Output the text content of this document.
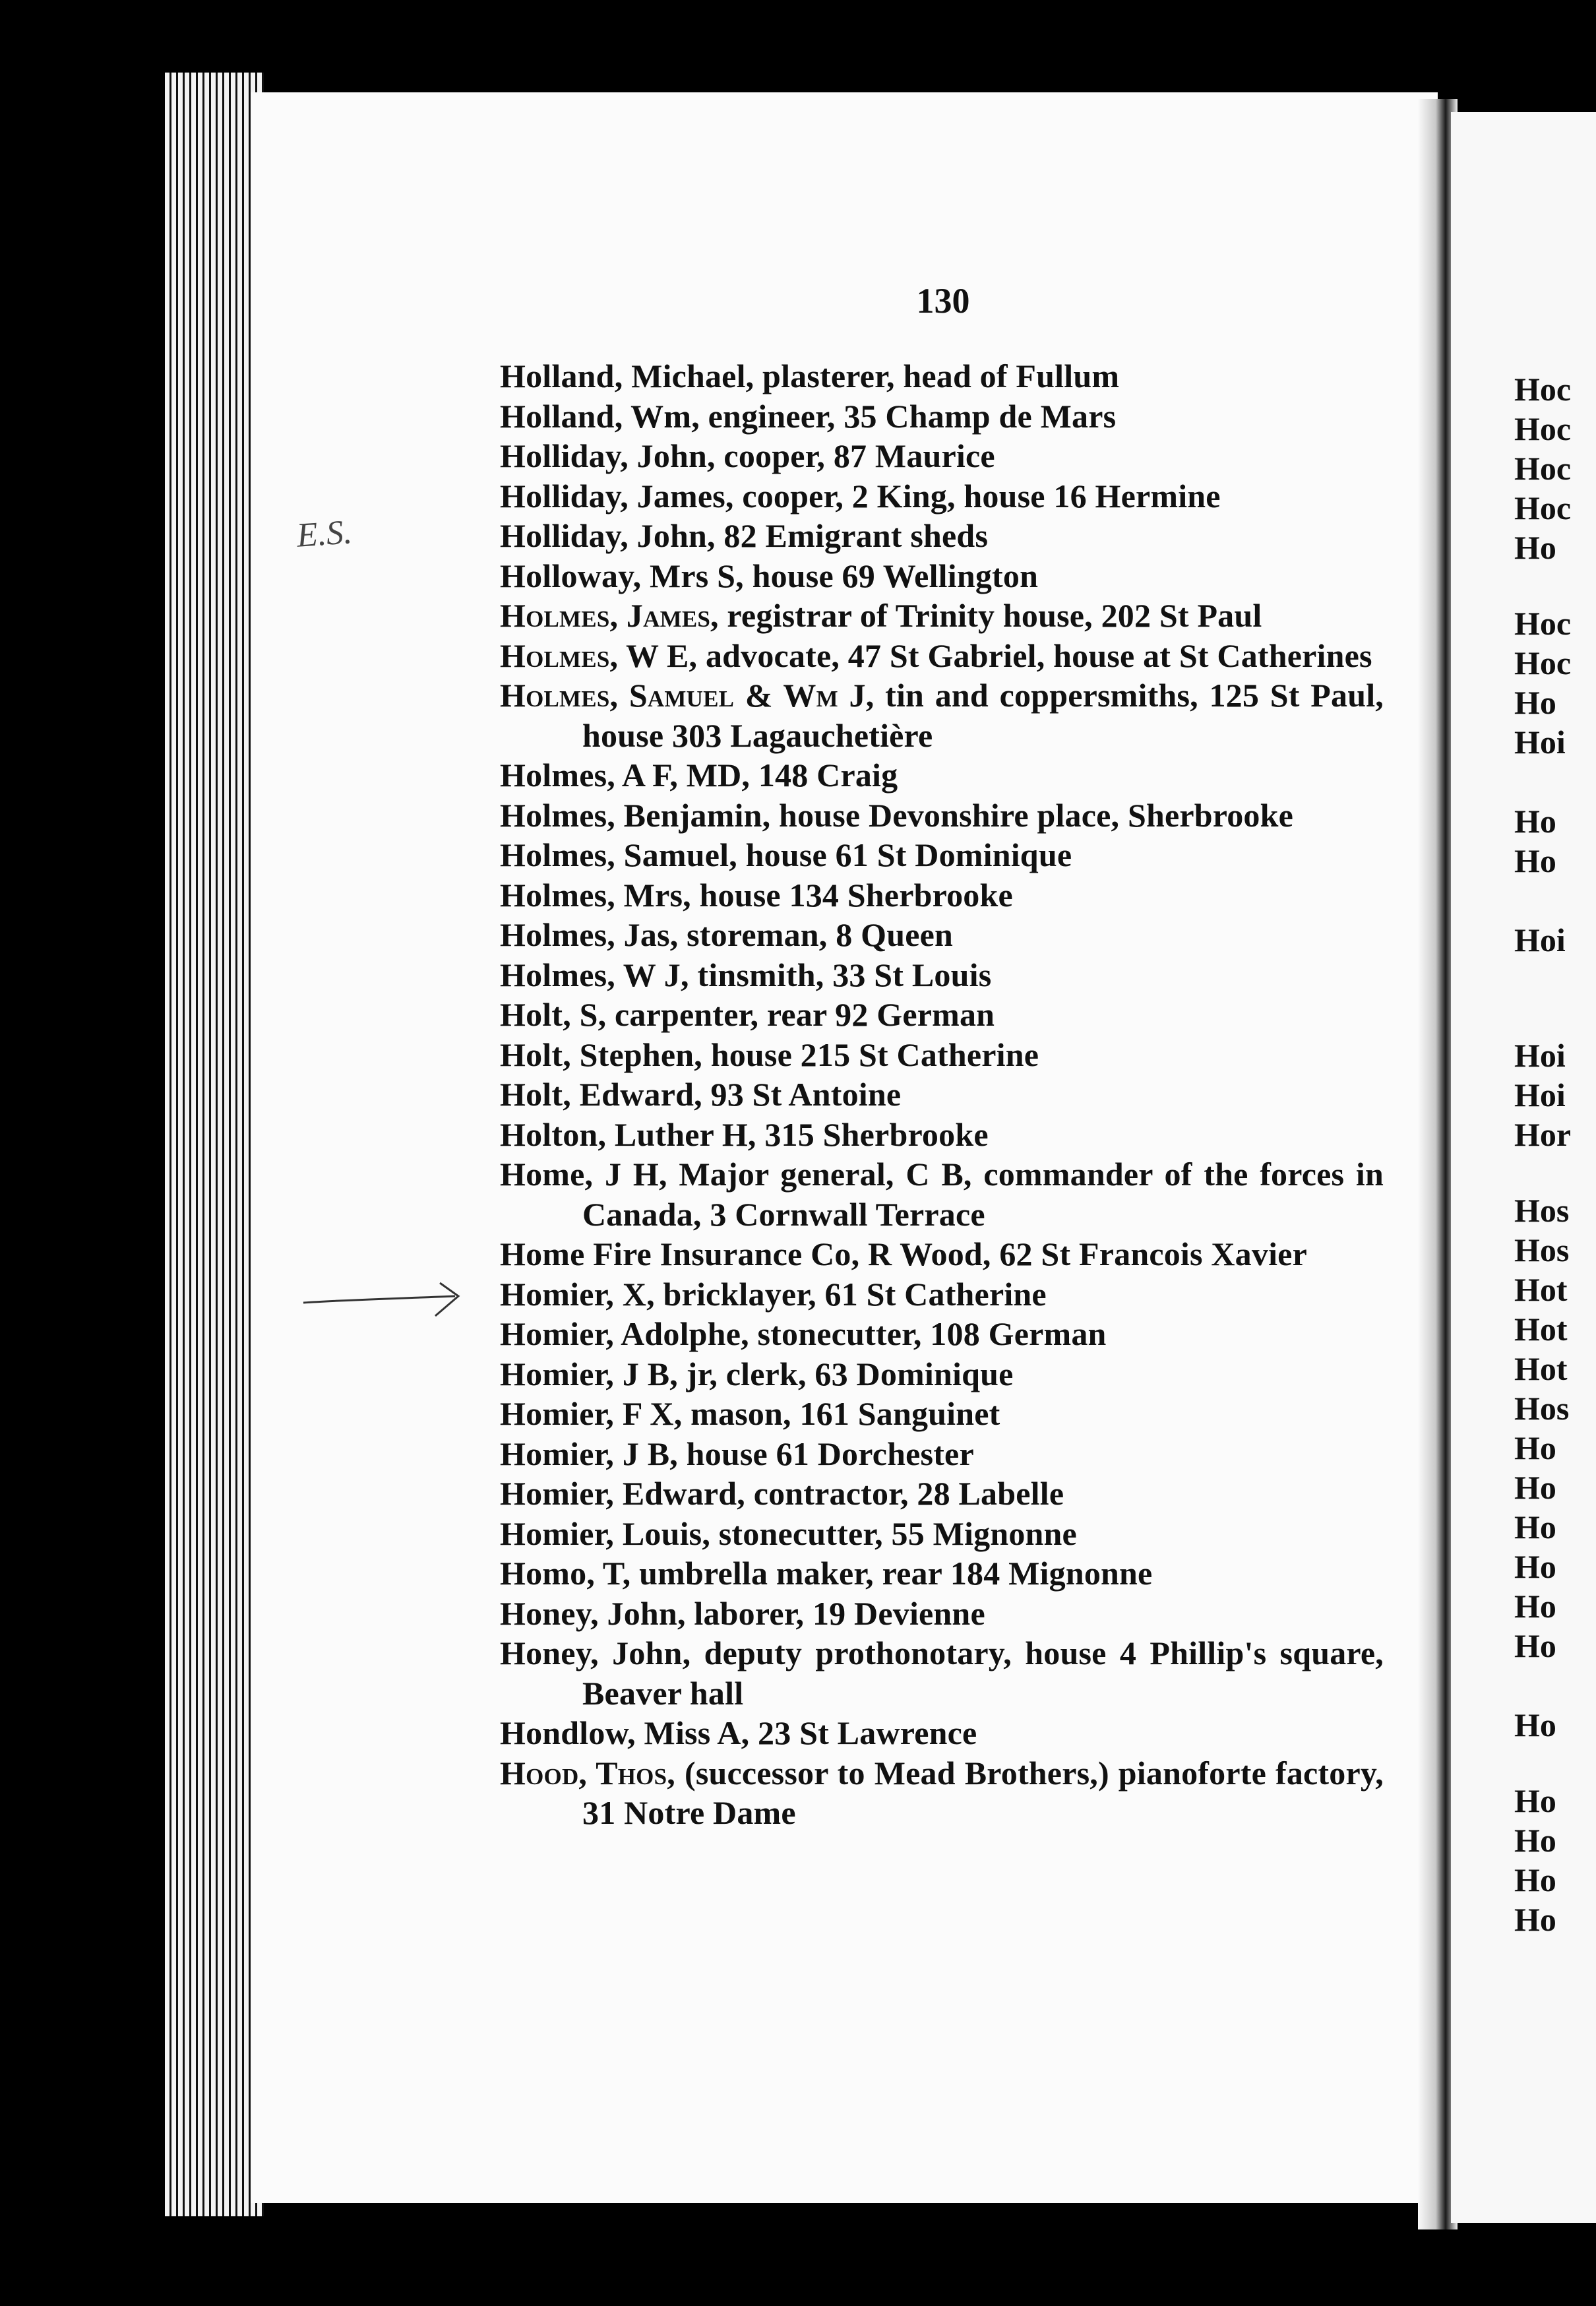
130
E.S.
Holland, Michael, plasterer, head of Fullum
Holland, Wm, engineer, 35 Champ de Mars
Holliday, John, cooper, 87 Maurice
Holliday, James, cooper, 2 King, house 16 Hermine
Holliday, John, 82 Emigrant sheds
Holloway, Mrs S, house 69 Wellington
Holmes, James, registrar of Trinity house, 202 St Paul
Holmes, W E, advocate, 47 St Gabriel, house at St Catherines
Holmes, Samuel & Wm J, tin and coppersmiths, 125 St Paul, house 303 Lagauchetière
Holmes, A F, MD, 148 Craig
Holmes, Benjamin, house Devonshire place, Sherbrooke
Holmes, Samuel, house 61 St Dominique
Holmes, Mrs, house 134 Sherbrooke
Holmes, Jas, storeman, 8 Queen
Holmes, W J, tinsmith, 33 St Louis
Holt, S, carpenter, rear 92 German
Holt, Stephen, house 215 St Catherine
Holt, Edward, 93 St Antoine
Holton, Luther H, 315 Sherbrooke
Home, J H, Major general, C B, commander of the forces in Canada, 3 Cornwall Terrace
Home Fire Insurance Co, R Wood, 62 St Francois Xavier
Homier, X, bricklayer, 61 St Catherine
Homier, Adolphe, stonecutter, 108 German
Homier, J B, jr, clerk, 63 Dominique
Homier, F X, mason, 161 Sanguinet
Homier, J B, house 61 Dorchester
Homier, Edward, contractor, 28 Labelle
Homier, Louis, stonecutter, 55 Mignonne
Homo, T, umbrella maker, rear 184 Mignonne
Honey, John, laborer, 19 Devienne
Honey, John, deputy prothonotary, house 4 Phillip's square, Beaver hall
Hondlow, Miss A, 23 St Lawrence
Hood, Thos, (successor to Mead Brothers,) pianoforte factory, 31 Notre Dame
Hoc
Hoc
Hoc
Hoc
Ho
Hoc
Hoc
Ho
Hoi
Ho
Ho
Hoi
Hoi
Hoi
Hor
Hos
Hos
Hot
Hot
Hot
Hos
Ho
Ho
Ho
Ho
Ho
Ho
Ho
Ho
Ho
Ho
Ho
